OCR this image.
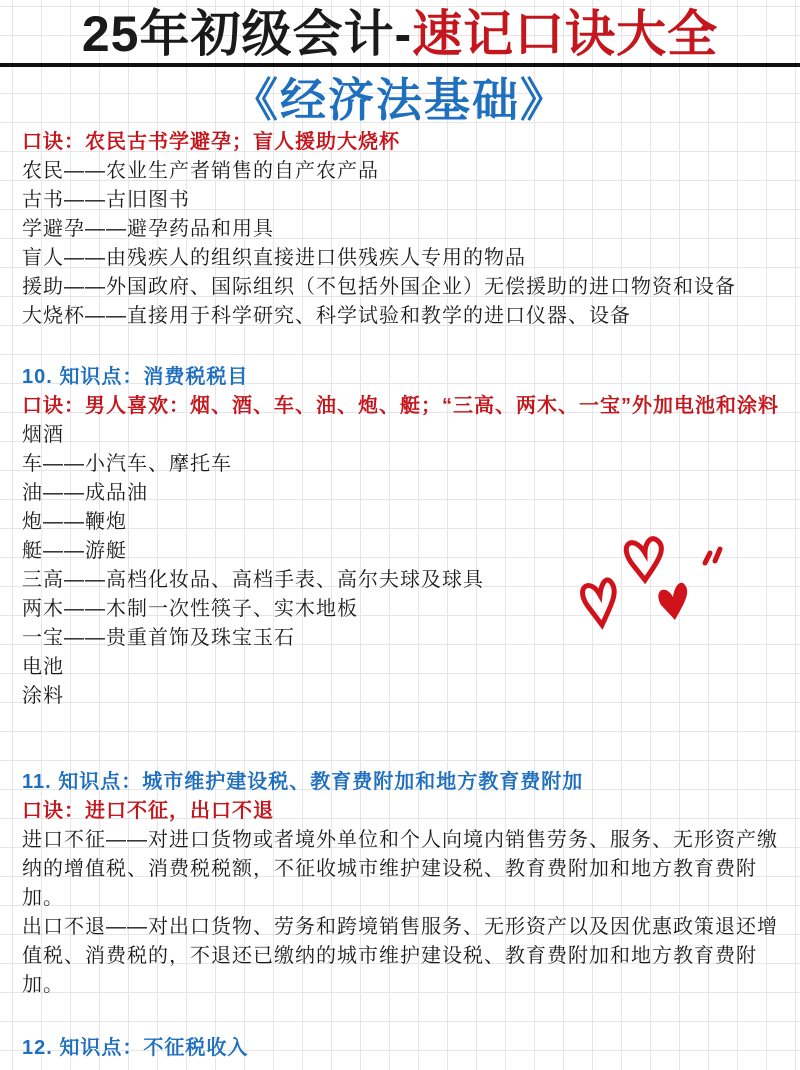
25年初级会计-速记口诀大全
《经济法基础》
口诀：农民古书学避孕；盲人援助大烧杯
农民——农业生产者销售的自产农产品
古书——古旧图书
学避孕——避孕药品和用具
盲人——由残疾人的组织直接进口供残疾人专用的物品
援助——外国政府、国际组织（不包括外国企业）无偿援助的进口物资和设备
大烧杯——直接用于科学研究、科学试验和教学的进口仪器、设备
10. 知识点：消费税税目
口诀：男人喜欢：烟、酒、车、油、炮、艇；“三高、两木、一宝”外加电池和涂料
烟酒
车——小汽车、摩托车
油——成品油
炮——鞭炮
艇——游艇
三高——高档化妆品、高档手表、高尔夫球及球具
两木——木制一次性筷子、实木地板
一宝——贵重首饰及珠宝玉石
电池
涂料
11. 知识点：城市维护建设税、教育费附加和地方教育费附加
口诀：进口不征，出口不退
进口不征——对进口货物或者境外单位和个人向境内销售劳务、服务、无形资产缴纳的增值税、消费税税额，不征收城市维护建设税、教育费附加和地方教育费附加。
出口不退——对出口货物、劳务和跨境销售服务、无形资产以及因优惠政策退还增值税、消费税的，不退还已缴纳的城市维护建设税、教育费附加和地方教育费附加。
12. 知识点：不征税收入
